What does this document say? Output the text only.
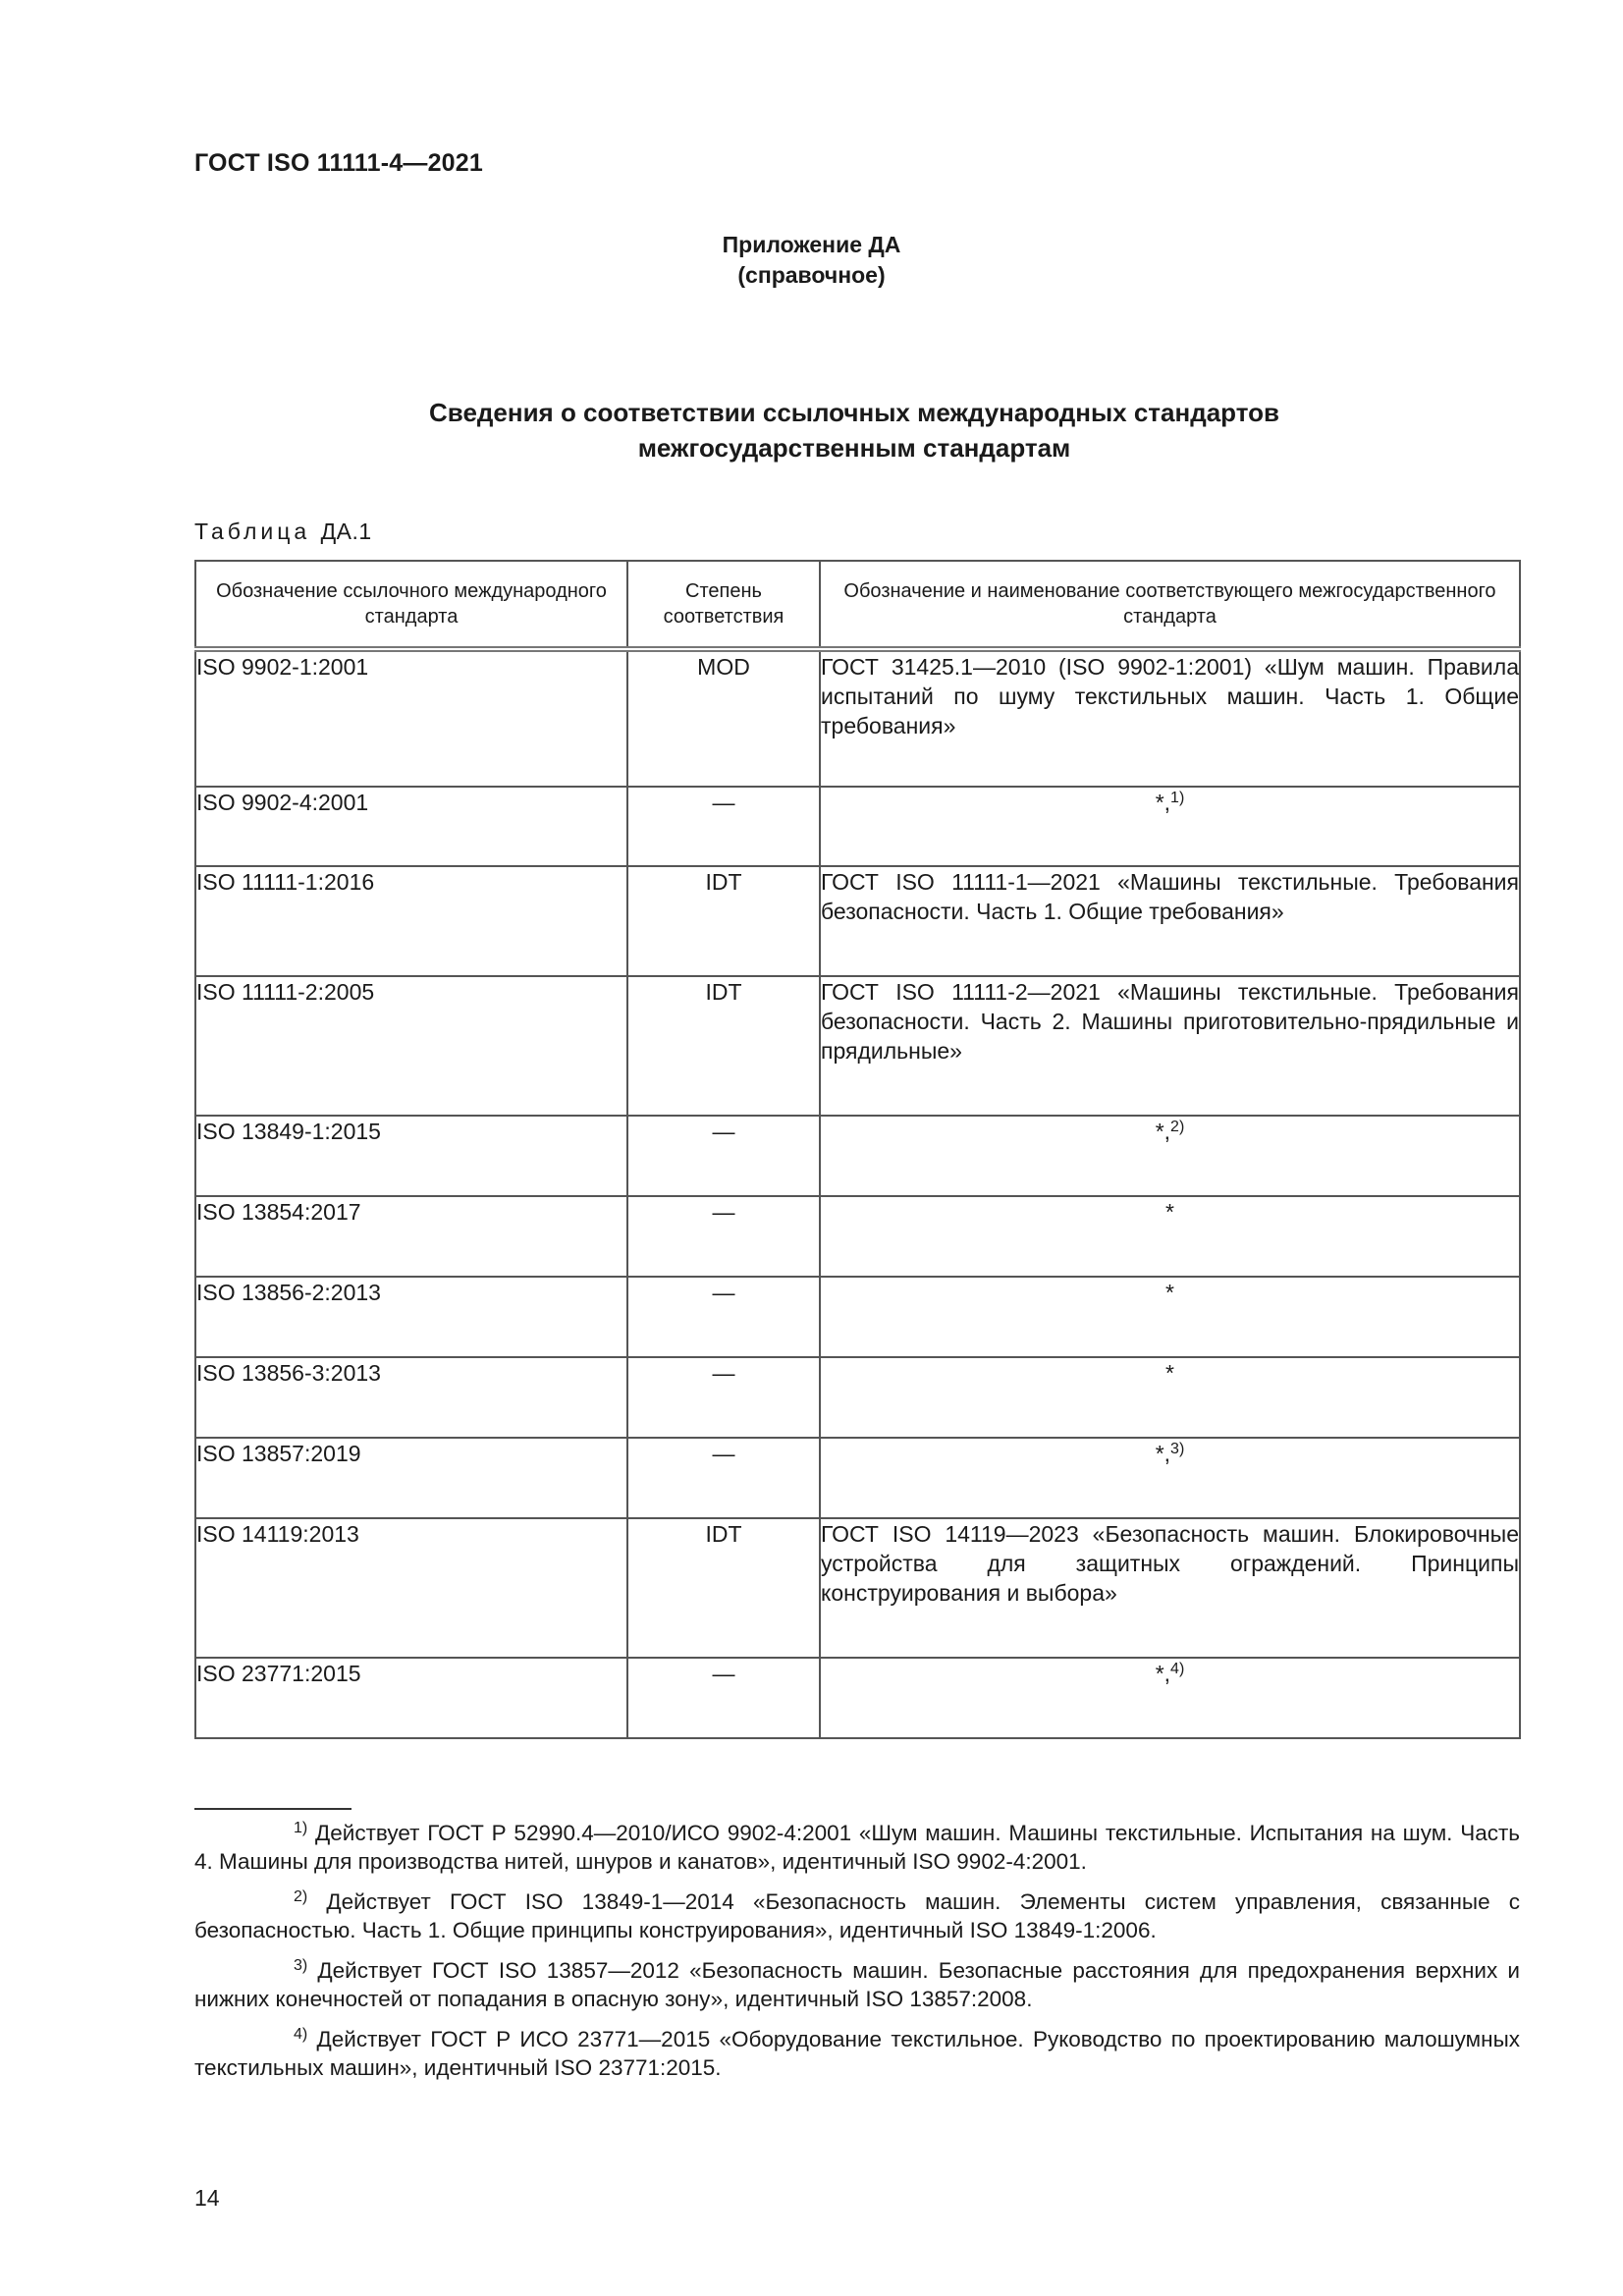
ГОСТ ISO 11111-4—2021
Приложение ДА
(справочное)
Сведения о соответствии ссылочных международных стандартов
межгосударственным стандартам
Таблица ДА.1
Обозначение ссылочного международного стандарта	Степень соответствия	Обозначение и наименование соответствующего межгосударственного стандарта
ISO 9902-1:2001	MOD	ГОСТ 31425.1—2010 (ISO 9902-1:2001) «Шум машин. Правила испытаний по шуму текстильных машин. Часть 1. Общие требования»
ISO 9902-4:2001	—	*,$^{1)}$
ISO 11111-1:2016	IDT	ГОСТ ISO 11111-1—2021 «Машины текстильные. Требования безопасности. Часть 1. Общие требования»
ISO 11111-2:2005	IDT	ГОСТ ISO 11111-2—2021 «Машины текстильные. Требования безопасности. Часть 2. Машины приготовительно-прядильные и прядильные»
ISO 13849-1:2015	—	*,$^{2)}$
ISO 13854:2017	—	*
ISO 13856-2:2013	—	*
ISO 13856-3:2013	—	*
ISO 13857:2019	—	*,$^{3)}$
ISO 14119:2013	IDT	ГОСТ ISO 14119—2023 «Безопасность машин. Блокировочные устройства для защитных ограждений. Принципы конструирования и выбора»
ISO 23771:2015	—	*,$^{4)}$
$^{1)}$ Действует ГОСТ Р 52990.4—2010/ИСО 9902-4:2001 «Шум машин. Машины текстильные. Испытания на шум. Часть 4. Машины для производства нитей, шнуров и канатов», идентичный ISO 9902-4:2001.
$^{2)}$ Действует ГОСТ ISO 13849-1—2014 «Безопасность машин. Элементы систем управления, связанные с безопасностью. Часть 1. Общие принципы конструирования», идентичный ISO 13849-1:2006.
$^{3)}$ Действует ГОСТ ISO 13857—2012 «Безопасность машин. Безопасные расстояния для предохранения верхних и нижних конечностей от попадания в опасную зону», идентичный ISO 13857:2008.
$^{4)}$ Действует ГОСТ Р ИСО 23771—2015 «Оборудование текстильное. Руководство по проектированию малошумных текстильных машин», идентичный ISO 23771:2015.
14
